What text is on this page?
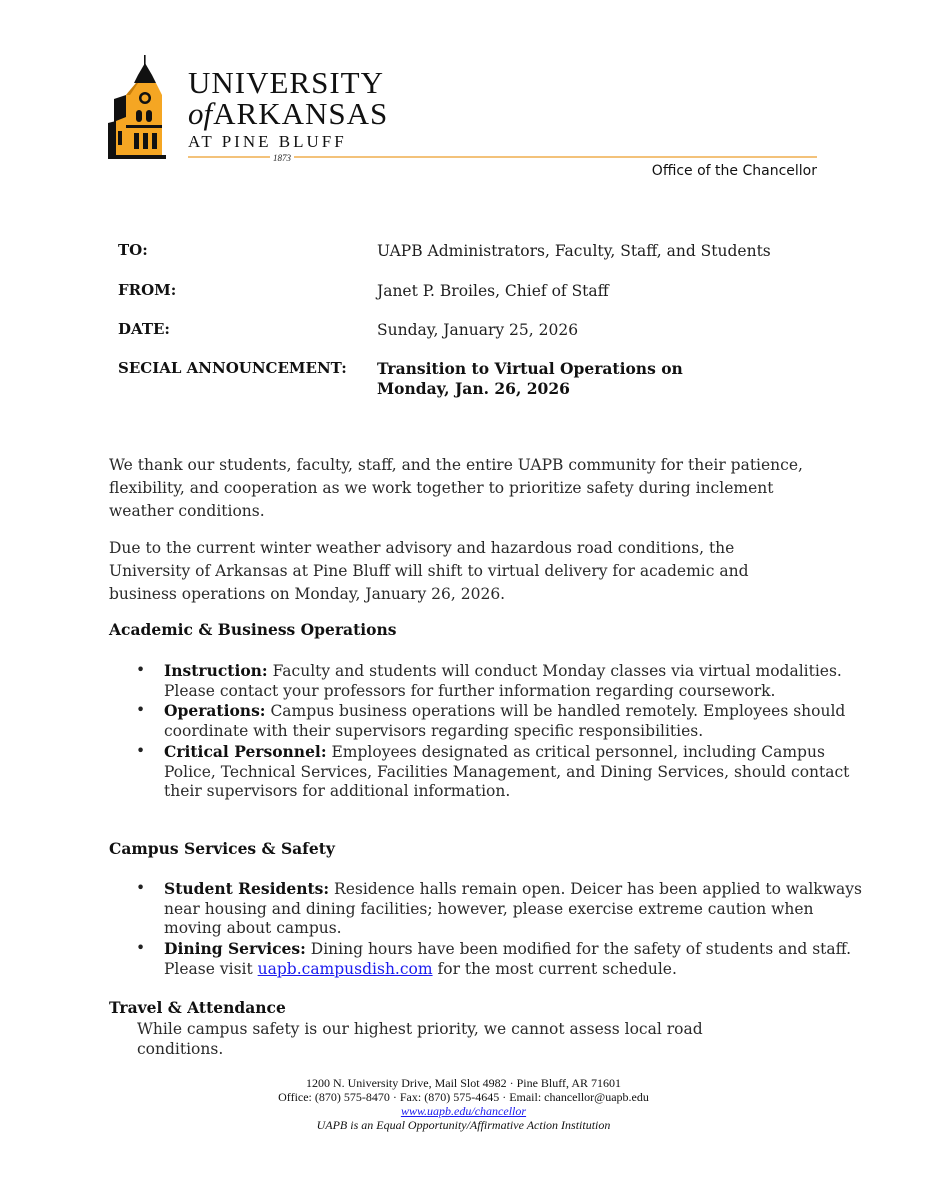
UNIVERSITY
ofARKANSAS
AT PINE BLUFF
1873
Office of the Chancellor
TO:	UAPB Administrators, Faculty, Staff, and Students
FROM:	Janet P. Broiles, Chief of Staff
DATE:	Sunday, January 25, 2026
SECIAL ANNOUNCEMENT: Transition to Virtual Operations on
Monday, Jan. 26, 2026

We thank our students, faculty, staff, and the entire UAPB community for their patience, flexibility, and cooperation as we work together to prioritize safety during inclement weather conditions.

Due to the current winter weather advisory and hazardous road conditions, the University of Arkansas at Pine Bluff will shift to virtual delivery for academic and business operations on Monday, January 26, 2026.

Academic & Business Operations
• Instruction: Faculty and students will conduct Monday classes via virtual modalities. Please contact your professors for further information regarding coursework.
• Operations: Campus business operations will be handled remotely. Employees should coordinate with their supervisors regarding specific responsibilities.
• Critical Personnel: Employees designated as critical personnel, including Campus Police, Technical Services, Facilities Management, and Dining Services, should contact their supervisors for additional information.
Campus Services & Safety
• Student Residents: Residence halls remain open. Deicer has been applied to walkways near housing and dining facilities; however, please exercise extreme caution when moving about campus.
• Dining Services: Dining hours have been modified for the safety of students and staff. Please visit uapb.campusdish.com for the most current schedule.
Travel & Attendance

While campus safety is our highest priority, we cannot assess local road conditions.

1200 N. University Drive, Mail Slot 4982 · Pine Bluff, AR 71601
Office: (870) 575-8470 · Fax: (870) 575-4645 · Email: chancellor@uapb.edu
www.uapb.edu/chancellor
UAPB is an Equal Opportunity/Affirmative Action Institution
